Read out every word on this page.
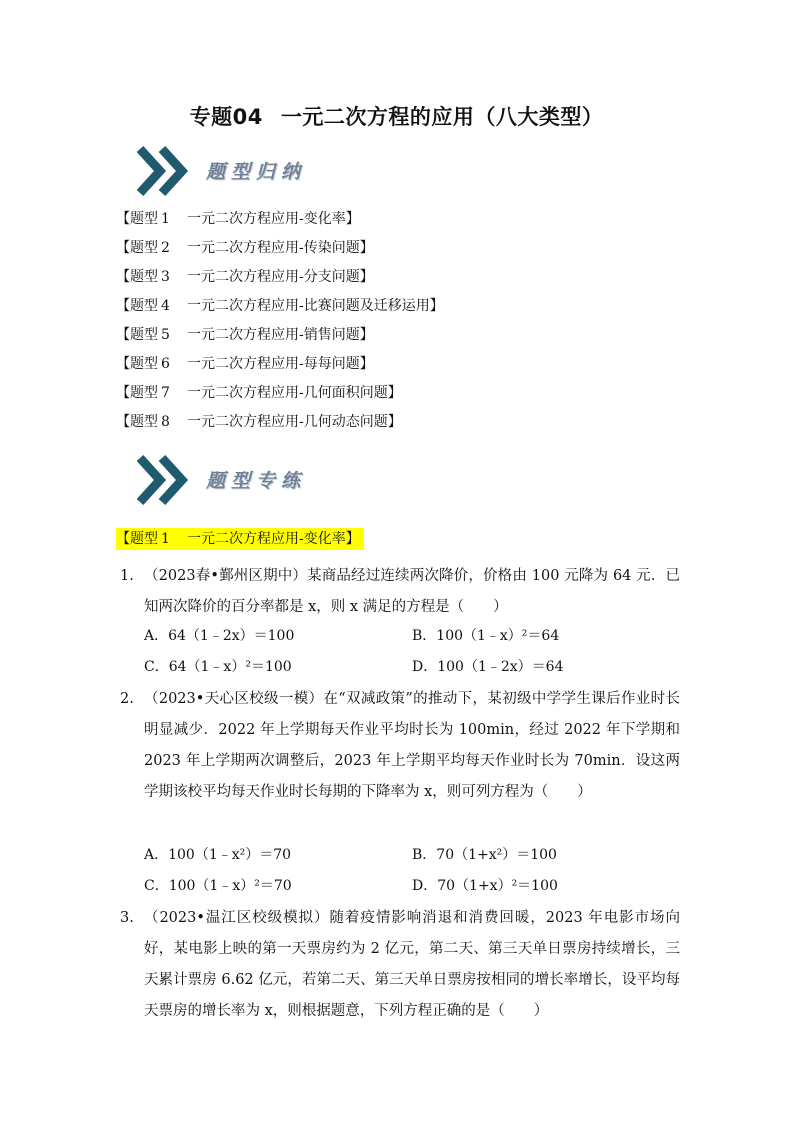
专题04 一元二次方程的应用（八大类型）
题型归纳
【题型 1 一元二次方程应用-变化率】
【题型 2 一元二次方程应用-传染问题】
【题型 3 一元二次方程应用-分支问题】
【题型 4 一元二次方程应用-比赛问题及迁移运用】
【题型 5 一元二次方程应用-销售问题】
【题型 6 一元二次方程应用-每每问题】
【题型 7 一元二次方程应用-几何面积问题】
【题型 8 一元二次方程应用-几何动态问题】
题型专练
【题型 1 一元二次方程应用-变化率】
1. （2023春•鄞州区期中）某商品经过连续两次降价，价格由 100 元降为 64 元．已知两次降价的百分率都是 x，则 x 满足的方程是（　　）
A．64（1﹣2x）＝100	B．100（1﹣x）²＝64
C．64（1﹣x）²＝100	D．100（1﹣2x）＝64
2. （2023•天心区校级一模）在“双减政策”的推动下，某初级中学学生课后作业时长明显减少．2022 年上学期每天作业平均时长为 100min，经过 2022 年下学期和 2023 年上学期两次调整后，2023 年上学期平均每天作业时长为 70min．设这两学期该校平均每天作业时长每期的下降率为 x，则可列方程为（　　）
A．100（1﹣x²）＝70	B．70（1+x²）＝100
C．100（1﹣x）²＝70	D．70（1+x）²＝100
3. （2023•温江区校级模拟）随着疫情影响消退和消费回暖，2023 年电影市场向好，某电影上映的第一天票房约为 2 亿元，第二天、第三天单日票房持续增长，三天累计票房 6.62 亿元，若第二天、第三天单日票房按相同的增长率增长，设平均每天票房的增长率为 x，则根据题意，下列方程正确的是（　　）
